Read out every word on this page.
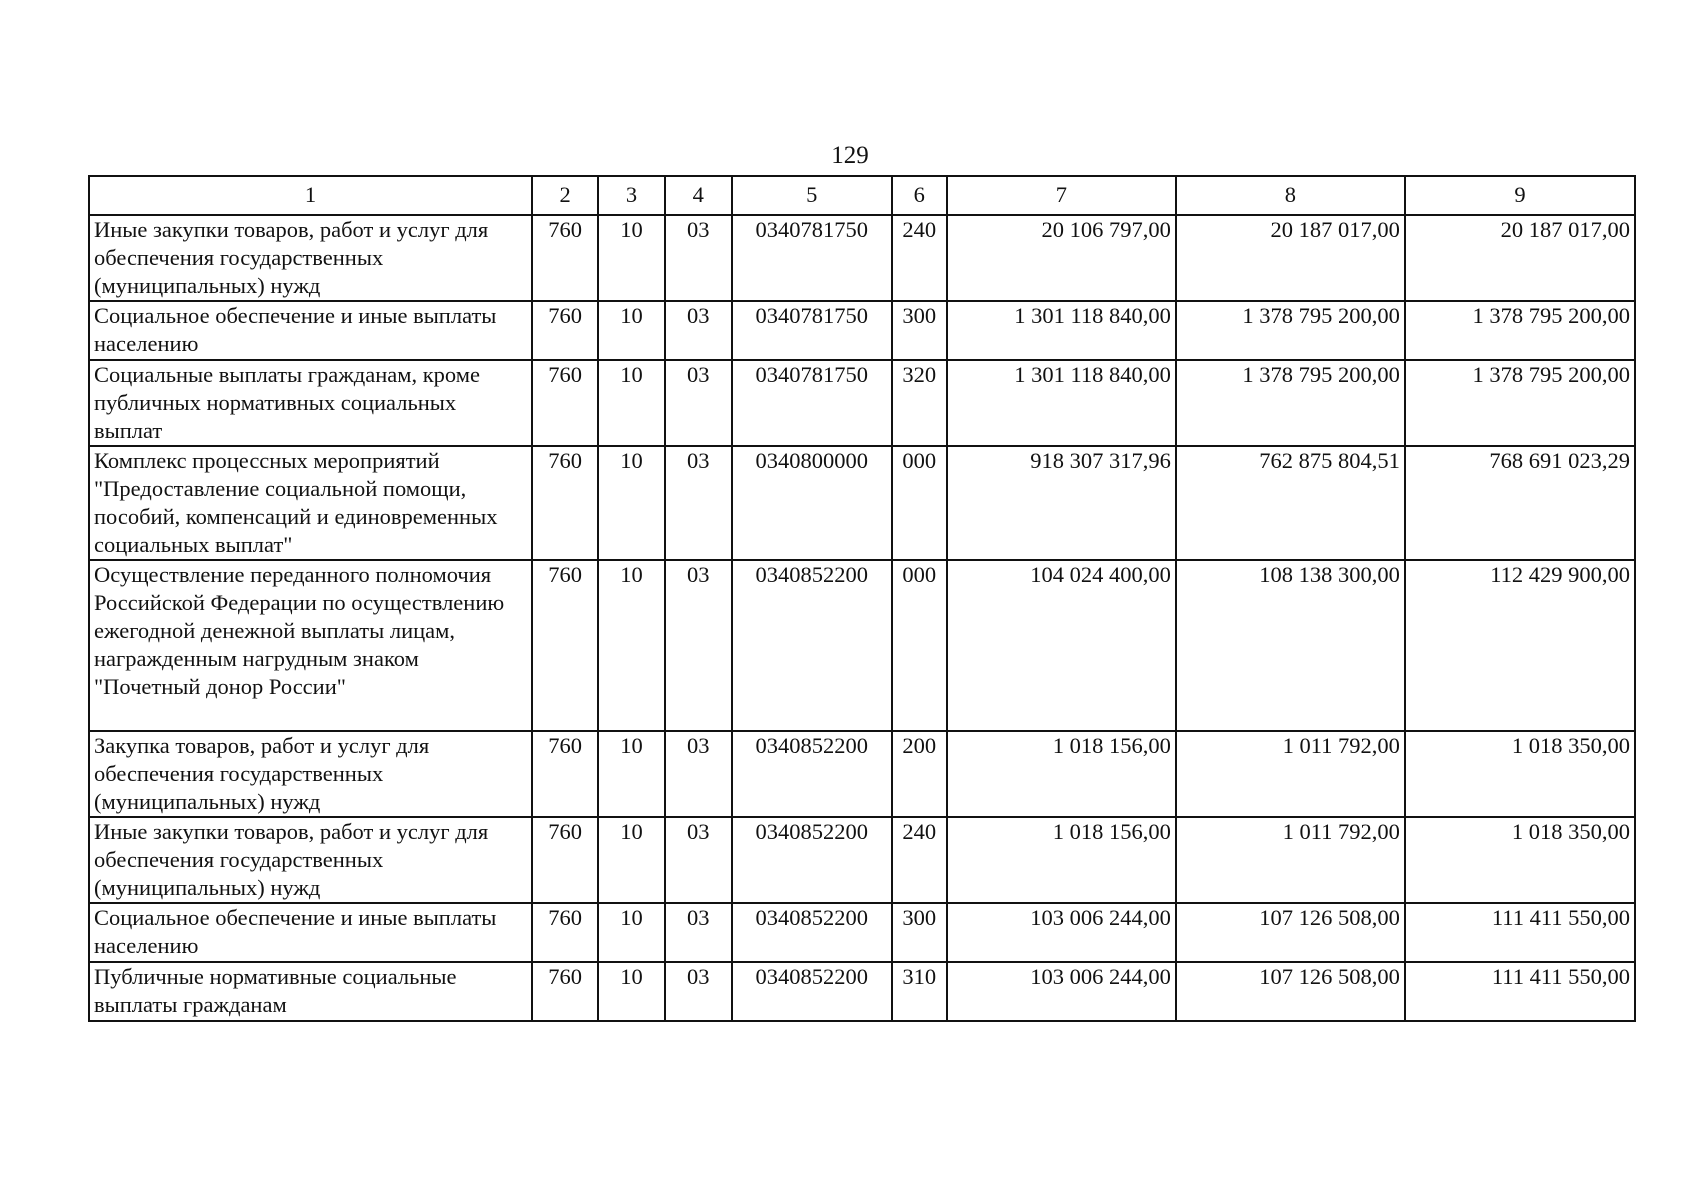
129
1	2	3	4	5	6	7	8	9
Иные закупки товаров, работ и услуг для обеспечения государственных (муниципальных) нужд	760	10	03	0340781750	240	20 106 797,00	20 187 017,00	20 187 017,00
Социальное обеспечение и иные выплаты населению	760	10	03	0340781750	300	1 301 118 840,00	1 378 795 200,00	1 378 795 200,00
Социальные выплаты гражданам, кроме публичных нормативных социальных выплат	760	10	03	0340781750	320	1 301 118 840,00	1 378 795 200,00	1 378 795 200,00
Комплекс процессных мероприятий "Предоставление социальной помощи, пособий, компенсаций и единовременных социальных выплат"	760	10	03	0340800000	000	918 307 317,96	762 875 804,51	768 691 023,29
Осуществление переданного полномочия Российской Федерации по осуществлению ежегодной денежной выплаты лицам, награжденным нагрудным знаком "Почетный донор России"	760	10	03	0340852200	000	104 024 400,00	108 138 300,00	112 429 900,00
Закупка товаров, работ и услуг для обеспечения государственных (муниципальных) нужд	760	10	03	0340852200	200	1 018 156,00	1 011 792,00	1 018 350,00
Иные закупки товаров, работ и услуг для обеспечения государственных (муниципальных) нужд	760	10	03	0340852200	240	1 018 156,00	1 011 792,00	1 018 350,00
Социальное обеспечение и иные выплаты населению	760	10	03	0340852200	300	103 006 244,00	107 126 508,00	111 411 550,00
Публичные нормативные социальные выплаты гражданам	760	10	03	0340852200	310	103 006 244,00	107 126 508,00	111 411 550,00
